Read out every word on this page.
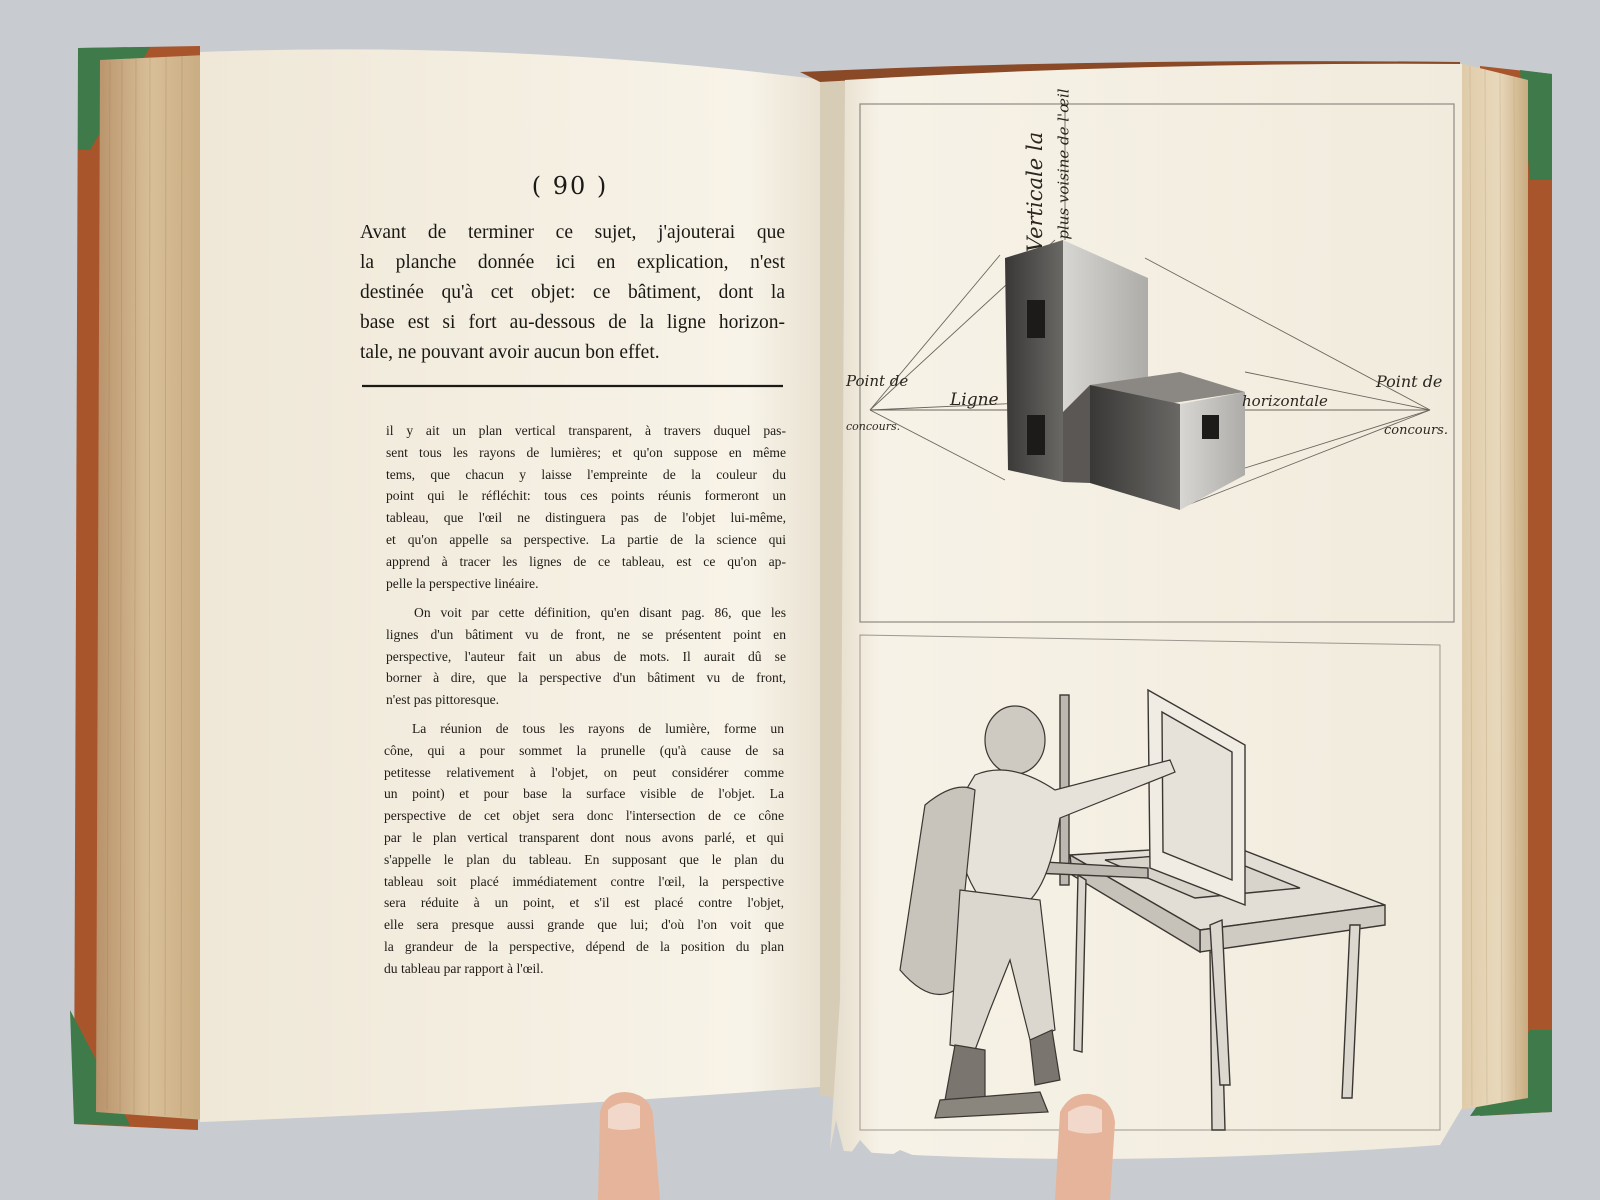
( 90 )
Avant de terminer ce sujet, j'ajouterai que
la planche donnée ici en explication, n'est
destinée qu'à cet objet: ce bâtiment, dont la
base est si fort au-dessous de la ligne horizon-
tale, ne pouvant avoir aucun bon effet.
il y ait un plan vertical transparent, à travers duquel pas-
sent tous les rayons de lumières; et qu'on suppose en même
tems, que chacun y laisse l'empreinte de la couleur du
point qui le réfléchit: tous ces points réunis formeront un
tableau, que l'œil ne distinguera pas de l'objet lui-même,
et qu'on appelle sa perspective. La partie de la science qui
apprend à tracer les lignes de ce tableau, est ce qu'on ap-
pelle la perspective linéaire.
On voit par cette définition, qu'en disant pag. 86, que les
lignes d'un bâtiment vu de front, ne se présentent point en
perspective, l'auteur fait un abus de mots. Il aurait dû se
borner à dire, que la perspective d'un bâtiment vu de front,
n'est pas pittoresque.
La réunion de tous les rayons de lumière, forme un
cône, qui a pour sommet la prunelle (qu'à cause de sa
petitesse relativement à l'objet, on peut considérer comme
un point) et pour base la surface visible de l'objet. La
perspective de cet objet sera donc l'intersection de ce cône
par le plan vertical transparent dont nous avons parlé, et qui
s'appelle le plan du tableau. En supposant que le plan du
tableau soit placé immédiatement contre l'œil, la perspective
sera réduite à un point, et s'il est placé contre l'objet,
elle sera presque aussi grande que lui; d'où l'on voit que
la grandeur de la perspective, dépend de la position du plan
du tableau par rapport à l'œil.
Verticale la plus voisine de l'œil
Point de
concours.
Ligne	horizontale
Point de
concours.
